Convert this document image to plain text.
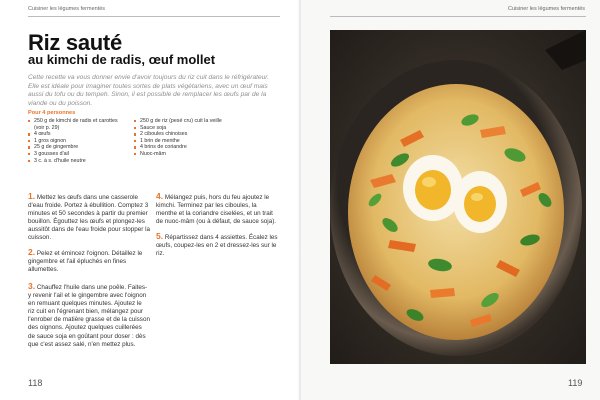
Cuisiner les légumes fermentés
Riz sauté
au kimchi de radis, œuf mollet
Cette recette va vous donner envie d'avoir toujours du riz cuit dans le réfrigérateur. Elle est idéale pour imaginer toutes sortes de plats végétariens, avec un œuf mais aussi du tofu ou du tempeh. Sinon, il est possible de remplacer les œufs par de la viande ou du poisson.
Pour 4 personnes
250 g de kimchi de radis et carottes (voir p. 29)
4 œufs
1 gros oignon
25 g de gingembre
3 gousses d'ail
3 c. à s. d'huile neutre
250 g de riz (pesé cru) cuit la veille
Sauce soja
2 ciboules chinoises
1 brin de menthe
4 brins de coriandre
Nuoc-mâm
1. Mettez les œufs dans une casserole d'eau froide. Portez à ébullition. Comptez 3 minutes et 50 secondes à partir du premier bouillon. Égouttez les œufs et plongez-les aussitôt dans de l'eau froide pour stopper la cuisson.
2. Pelez et émincez l'oignon. Détaillez le gingembre et l'ail épluchés en fines allumettes.
3. Chauffez l'huile dans une poêle. Faites-y revenir l'ail et le gingembre avec l'oignon en remuant quelques minutes. Ajoutez le riz cuit en l'égrenant bien, mélangez pour l'enrober de matière grasse et de la cuisson des oignons. Ajoutez quelques cuillerées de sauce soja en goûtant pour doser : dès que c'est assez salé, n'en mettez plus.
4. Mélangez puis, hors du feu ajoutez le kimchi. Terminez par les ciboules, la menthe et la coriandre ciselées, et un trait de nuoc-mâm (ou à défaut, de sauce soja).
5. Répartissez dans 4 assiettes. Écalez les œufs, coupez-les en 2 et dressez-les sur le riz.
118
Cuisiner les légumes fermentés
119
